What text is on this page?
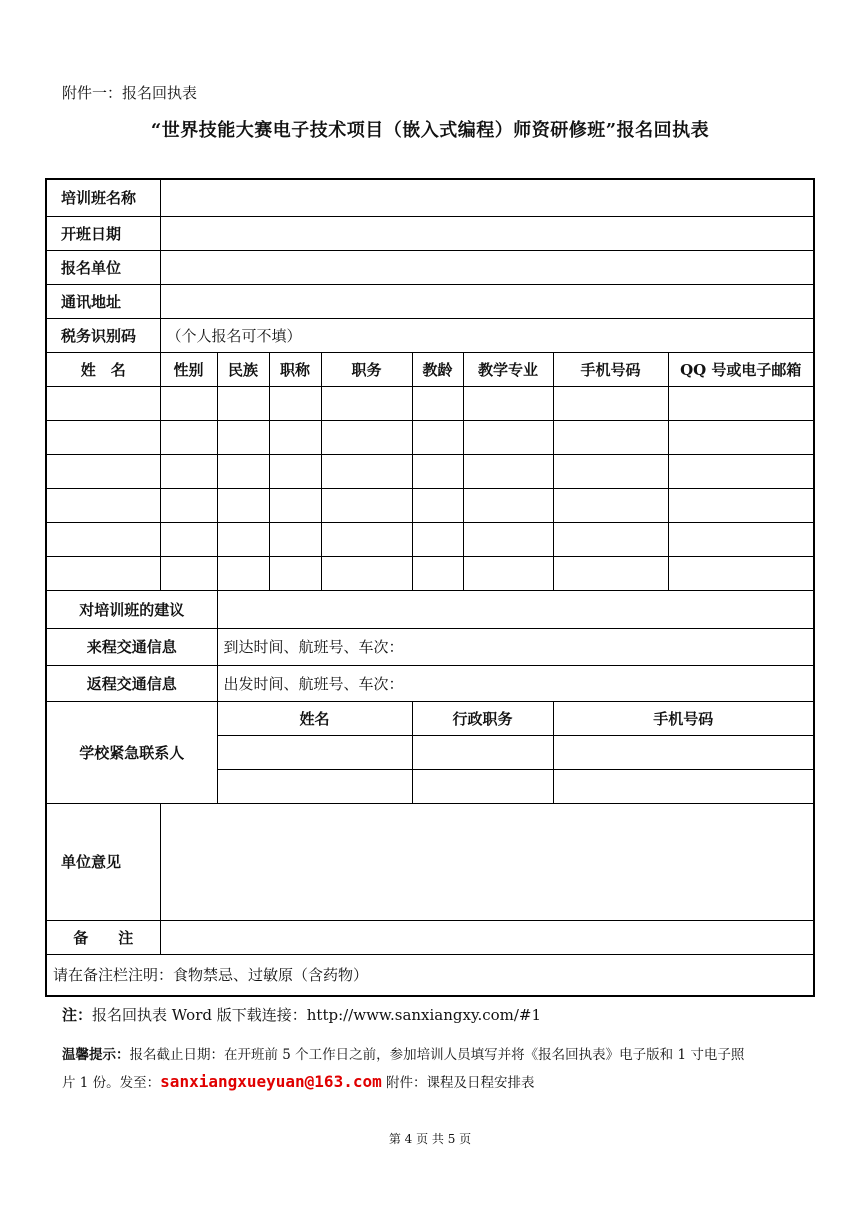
附件一：报名回执表
“世界技能大赛电子技术项目（嵌入式编程）师资研修班”报名回执表
培训班名称								
开班日期								
报名单位								
通讯地址								
税务识别码	（个人报名可不填）							
姓　名	性别	民族	职称	职务	教龄	教学专业	手机号码	QQ 号或电子邮箱

对培训班的建议								
来程交通信息		到达时间、航班号、车次：						
返程交通信息		出发时间、航班号、车次：						
学校紧急联系人		姓名			行政职务		手机号码	

单位意见								
备　　注								
请在备注栏注明：食物禁忌、过敏原（含药物）								
注：报名回执表 Word 版下载连接：http://www.sanxiangxy.com/#1
温馨提示：报名截止日期：在开班前 5 个工作日之前，参加培训人员填写并将《报名回执表》电子版和 1 寸电子照
片 1 份。发至：sanxiangxueyuan@163.com 附件：课程及日程安排表
第 4 页 共 5 页
